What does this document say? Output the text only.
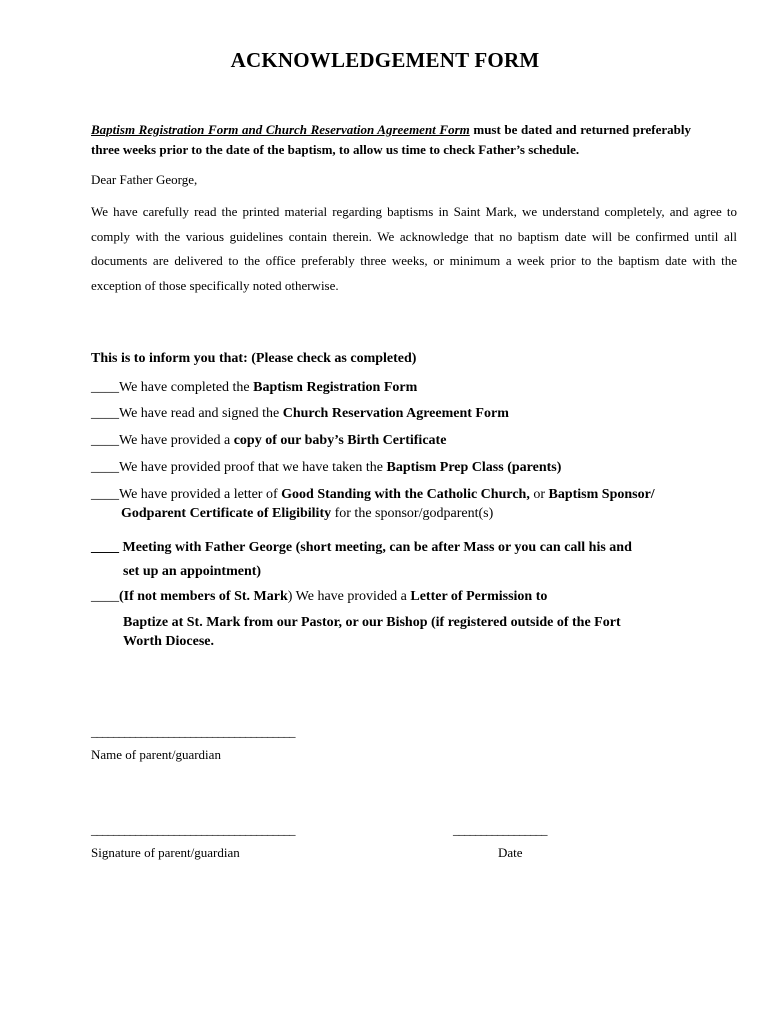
ACKNOWLEDGEMENT FORM
Baptism Registration Form and Church Reservation Agreement Form must be dated and returned preferably three weeks prior to the date of the baptism, to allow us time to check Father’s schedule.
Dear Father George,
We have carefully read the printed material regarding baptisms in Saint Mark, we understand completely, and agree to comply with the various guidelines contain therein. We acknowledge that no baptism date will be confirmed until all documents are delivered to the office preferably three weeks, or minimum a week prior to the baptism date with the exception of those specifically noted otherwise.
This is to inform you that: (Please check as completed)
____We have completed the Baptism Registration Form
____We have read and signed the Church Reservation Agreement Form
____We have provided a copy of our baby’s Birth Certificate
____We have provided proof that we have taken the Baptism Prep Class (parents)
____We have provided a letter of Good Standing with the Catholic Church, or Baptism Sponsor/
Godparent Certificate of Eligibility for the sponsor/godparent(s)
____ Meeting with Father George (short meeting, can be after Mass or you can call his and
set up an appointment)
____(If not members of St. Mark) We have provided a Letter of Permission to
Baptize at St. Mark from our Pastor, or our Bishop (if registered outside of the Fort
Worth Diocese.
_____________________________________
Name of parent/guardian
_____________________________________	_________________
Signature of parent/guardian	Date
